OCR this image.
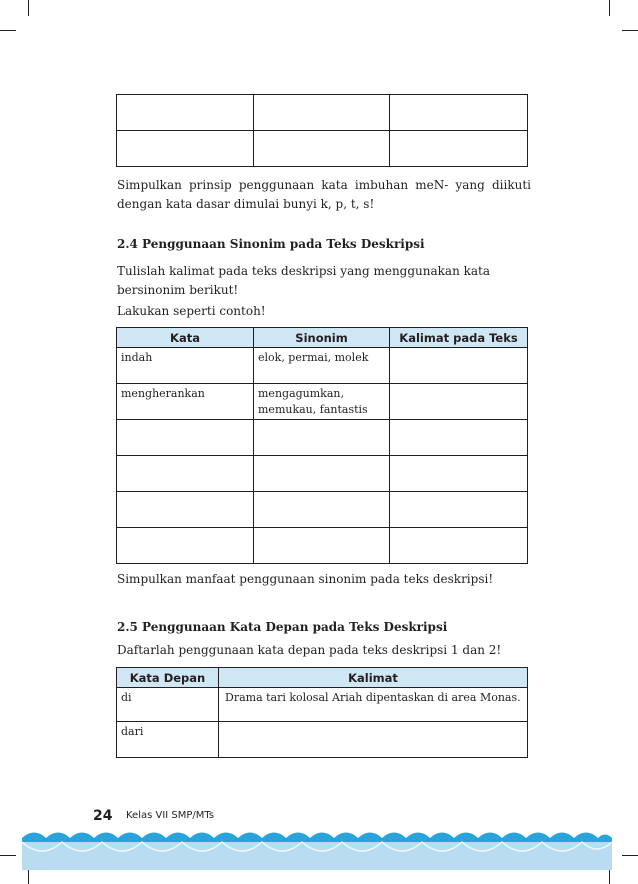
Simpulkan prinsip penggunaan kata imbuhan meN- yang diikuti dengan kata dasar dimulai bunyi k, p, t, s!
2.4 Penggunaan Sinonim pada Teks Deskripsi
Tulislah kalimat pada teks deskripsi yang menggunakan kata bersinonim berikut!
Lakukan seperti contoh!
Kata	Sinonim	Kalimat pada Teks

indah	elok, permai, molek	

mengherankan	mengagumkan, memukau, fantastis	

Simpulkan manfaat penggunaan sinonim pada teks deskripsi!
2.5 Penggunaan Kata Depan pada Teks Deskripsi
Daftarlah penggunaan kata depan pada teks deskripsi 1 dan 2!
Kata Depan	Kalimat

di	Drama tari kolosal Ariah dipentaskan di area Monas.

dari	

24 Kelas VII SMP/MTs
